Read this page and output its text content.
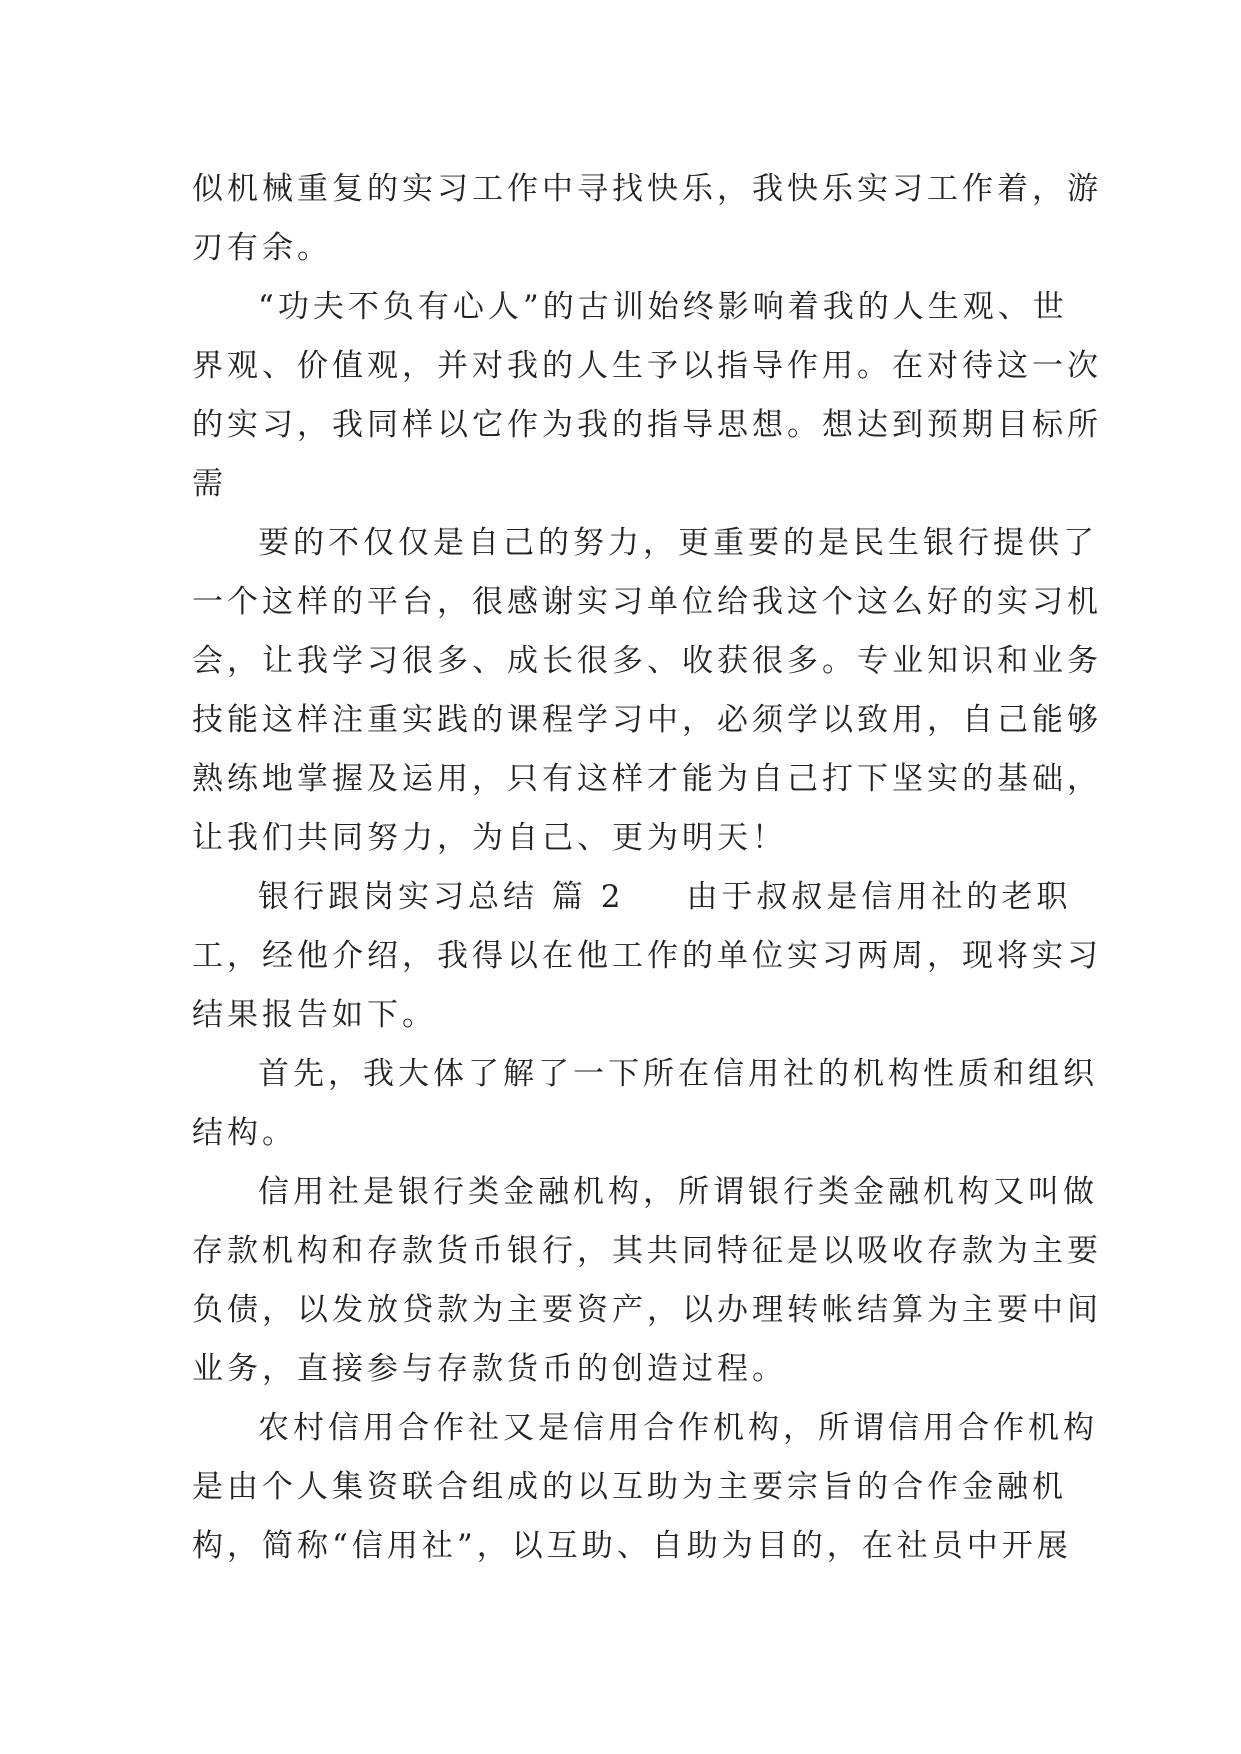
似机械重复的实习工作中寻找快乐，我快乐实习工作着，游
刃有余。
“功夫不负有心人”的古训始终影响着我的人生观、世
界观、价值观，并对我的人生予以指导作用。在对待这一次
的实习，我同样以它作为我的指导思想。想达到预期目标所
需
要的不仅仅是自己的努力，更重要的是民生银行提供了
一个这样的平台，很感谢实习单位给我这个这么好的实习机
会，让我学习很多、成长很多、收获很多。专业知识和业务
技能这样注重实践的课程学习中，必须学以致用，自己能够
熟练地掌握及运用，只有这样才能为自己打下坚实的基础，
让我们共同努力，为自己、更为明天！
银行跟岗实习总结 篇 2 由于叔叔是信用社的老职
工，经他介绍，我得以在他工作的单位实习两周，现将实习
结果报告如下。
首先，我大体了解了一下所在信用社的机构性质和组织
结构。
信用社是银行类金融机构，所谓银行类金融机构又叫做
存款机构和存款货币银行，其共同特征是以吸收存款为主要
负债，以发放贷款为主要资产，以办理转帐结算为主要中间
业务，直接参与存款货币的创造过程。
农村信用合作社又是信用合作机构，所谓信用合作机构
是由个人集资联合组成的以互助为主要宗旨的合作金融机
构，简称“信用社”，以互助、自助为目的，在社员中开展
